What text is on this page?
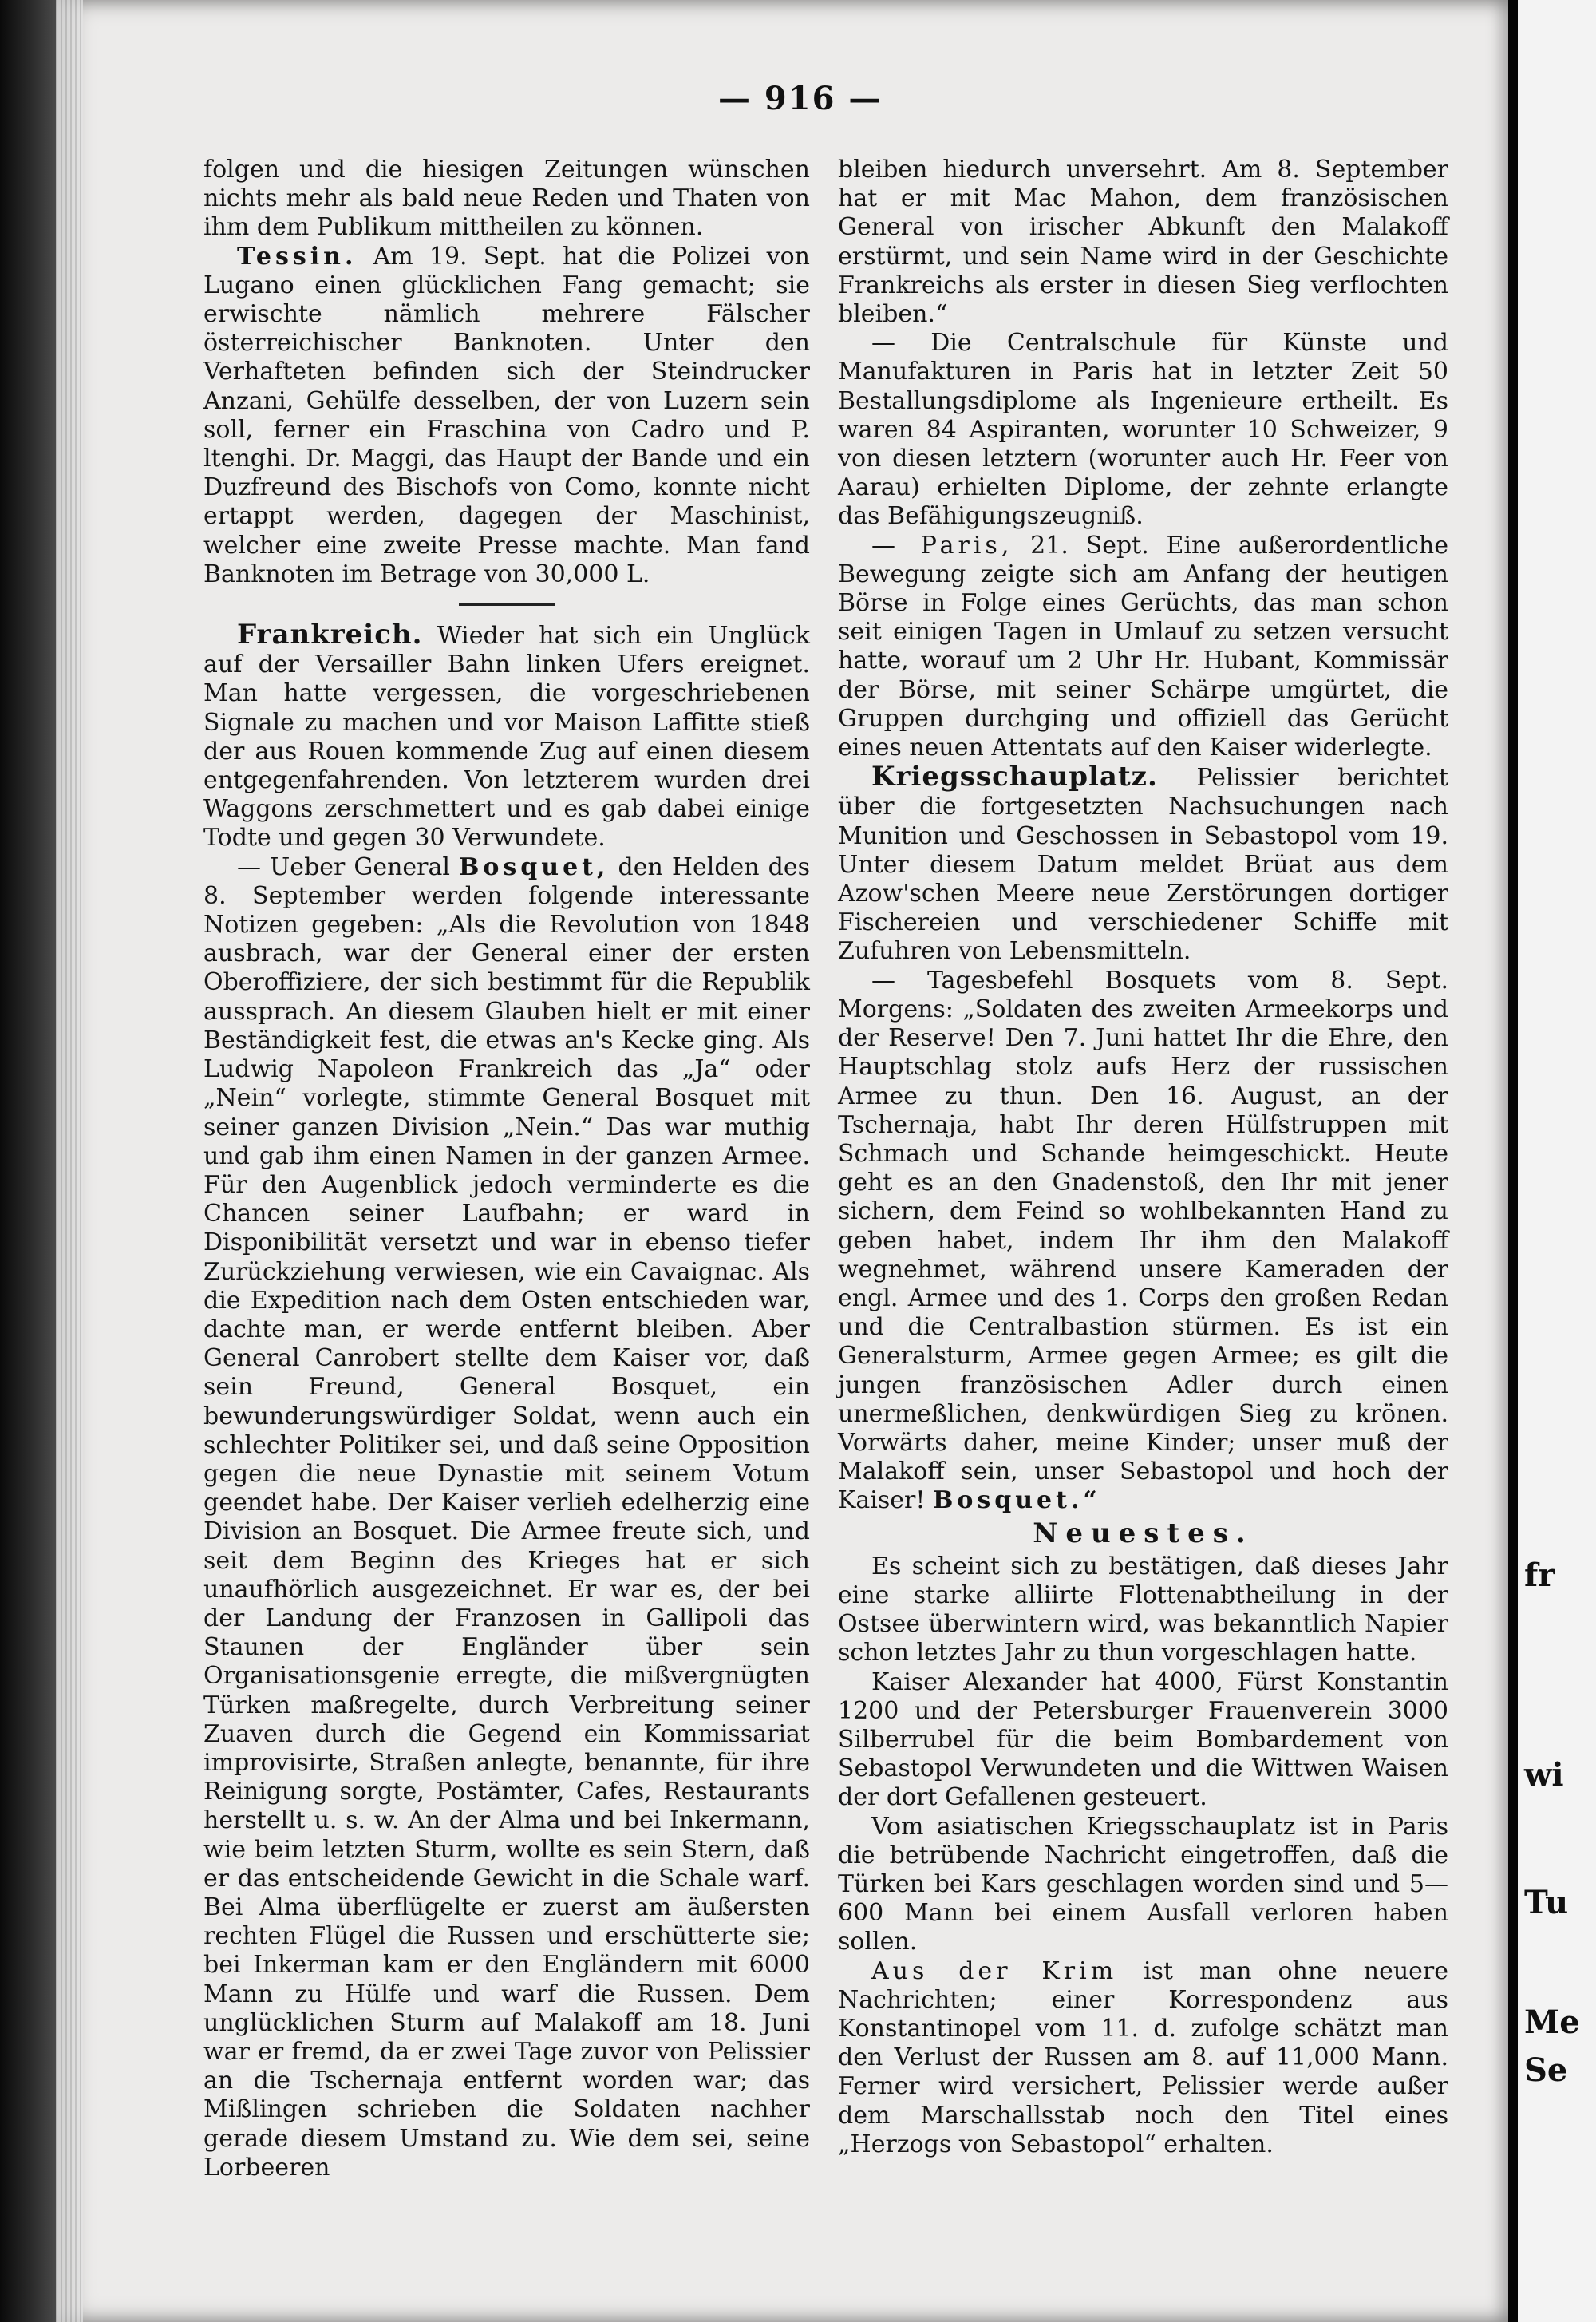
— 916 —

folgen und die hiesigen Zeitungen wünschen nichts mehr als bald neue Reden und Thaten von ihm dem Publikum mittheilen zu können.

Tessin. Am 19. Sept. hat die Polizei von Lugano einen glücklichen Fang gemacht; sie erwischte nämlich mehrere Fälscher österreichischer Banknoten. Unter den Verhafteten befinden sich der Steindrucker Anzani, Gehülfe desselben, der von Luzern sein soll, ferner ein Fraschina von Cadro und P. ltenghi. Dr. Maggi, das Haupt der Bande und ein Duzfreund des Bischofs von Como, konnte nicht ertappt werden, dagegen der Maschinist, welcher eine zweite Presse machte. Man fand Banknoten im Betrage von 30,000 L.

Frankreich. Wieder hat sich ein Unglück auf der Versailler Bahn linken Ufers ereignet. Man hatte vergessen, die vorgeschriebenen Signale zu machen und vor Maison Laffitte stieß der aus Rouen kommende Zug auf einen diesem entgegenfahrenden. Von letzterem wurden drei Waggons zerschmettert und es gab dabei einige Todte und gegen 30 Verwundete.

— Ueber General Bosquet, den Helden des 8. September werden folgende interessante Notizen gegeben: „Als die Revolution von 1848 ausbrach, war der General einer der ersten Oberoffiziere, der sich bestimmt für die Republik aussprach. An diesem Glauben hielt er mit einer Beständigkeit fest, die etwas an's Kecke ging. Als Ludwig Napoleon Frankreich das „Ja“ oder „Nein“ vorlegte, stimmte General Bosquet mit seiner ganzen Division „Nein.“ Das war muthig und gab ihm einen Namen in der ganzen Armee. Für den Augenblick jedoch verminderte es die Chancen seiner Laufbahn; er ward in Disponibilität versetzt und war in ebenso tiefer Zurückziehung verwiesen, wie ein Cavaignac. Als die Expedition nach dem Osten entschieden war, dachte man, er werde entfernt bleiben. Aber General Canrobert stellte dem Kaiser vor, daß sein Freund, General Bosquet, ein bewunderungswürdiger Soldat, wenn auch ein schlechter Politiker sei, und daß seine Opposition gegen die neue Dynastie mit seinem Votum geendet habe. Der Kaiser verlieh edelherzig eine Division an Bosquet. Die Armee freute sich, und seit dem Beginn des Krieges hat er sich unaufhörlich ausgezeichnet. Er war es, der bei der Landung der Franzosen in Gallipoli das Staunen der Engländer über sein Organisationsgenie erregte, die mißvergnügten Türken maßregelte, durch Verbreitung seiner Zuaven durch die Gegend ein Kommissariat improvisirte, Straßen anlegte, benannte, für ihre Reinigung sorgte, Postämter, Cafes, Restaurants herstellt u. s. w. An der Alma und bei Inkermann, wie beim letzten Sturm, wollte es sein Stern, daß er das entscheidende Gewicht in die Schale warf. Bei Alma überflügelte er zuerst am äußersten rechten Flügel die Russen und erschütterte sie; bei Inkerman kam er den Engländern mit 6000 Mann zu Hülfe und warf die Russen. Dem unglücklichen Sturm auf Malakoff am 18. Juni war er fremd, da er zwei Tage zuvor von Pelissier an die Tschernaja entfernt worden war; das Mißlingen schrieben die Soldaten nachher gerade diesem Umstand zu. Wie dem sei, seine Lorbeeren

bleiben hiedurch unversehrt. Am 8. September hat er mit Mac Mahon, dem französischen General von irischer Abkunft den Malakoff erstürmt, und sein Name wird in der Geschichte Frankreichs als erster in diesen Sieg verflochten bleiben.“

— Die Centralschule für Künste und Manufakturen in Paris hat in letzter Zeit 50 Bestallungsdiplome als Ingenieure ertheilt. Es waren 84 Aspiranten, worunter 10 Schweizer, 9 von diesen letztern (worunter auch Hr. Feer von Aarau) erhielten Diplome, der zehnte erlangte das Befähigungszeugniß.

— Paris, 21. Sept. Eine außerordentliche Bewegung zeigte sich am Anfang der heutigen Börse in Folge eines Gerüchts, das man schon seit einigen Tagen in Umlauf zu setzen versucht hatte, worauf um 2 Uhr Hr. Hubant, Kommissär der Börse, mit seiner Schärpe umgürtet, die Gruppen durchging und offiziell das Gerücht eines neuen Attentats auf den Kaiser widerlegte.

Kriegsschauplatz. Pelissier berichtet über die fortgesetzten Nachsuchungen nach Munition und Geschossen in Sebastopol vom 19. Unter diesem Datum meldet Brüat aus dem Azow'schen Meere neue Zerstörungen dortiger Fischereien und verschiedener Schiffe mit Zufuhren von Lebensmitteln.

— Tagesbefehl Bosquets vom 8. Sept. Morgens: „Soldaten des zweiten Armeekorps und der Reserve! Den 7. Juni hattet Ihr die Ehre, den Hauptschlag stolz aufs Herz der russischen Armee zu thun. Den 16. August, an der Tschernaja, habt Ihr deren Hülfstruppen mit Schmach und Schande heimgeschickt. Heute geht es an den Gnadenstoß, den Ihr mit jener sichern, dem Feind so wohlbekannten Hand zu geben habet, indem Ihr ihm den Malakoff wegnehmet, während unsere Kameraden der engl. Armee und des 1. Corps den großen Redan und die Centralbastion stürmen. Es ist ein Generalsturm, Armee gegen Armee; es gilt die jungen französischen Adler durch einen unermeßlichen, denkwürdigen Sieg zu krönen. Vorwärts daher, meine Kinder; unser muß der Malakoff sein, unser Sebastopol und hoch der Kaiser! Bosquet.“

Neuestes.

Es scheint sich zu bestätigen, daß dieses Jahr eine starke alliirte Flottenabtheilung in der Ostsee überwintern wird, was bekanntlich Napier schon letztes Jahr zu thun vorgeschlagen hatte.

Kaiser Alexander hat 4000, Fürst Konstantin 1200 und der Petersburger Frauenverein 3000 Silberrubel für die beim Bombardement von Sebastopol Verwundeten und die Wittwen Waisen der dort Gefallenen gesteuert.

Vom asiatischen Kriegsschauplatz ist in Paris die betrübende Nachricht eingetroffen, daß die Türken bei Kars geschlagen worden sind und 5—600 Mann bei einem Ausfall verloren haben sollen.

Aus der Krim ist man ohne neuere Nachrichten; einer Korrespondenz aus Konstantinopel vom 11. d. zufolge schätzt man den Verlust der Russen am 8. auf 11,000 Mann. Ferner wird versichert, Pelissier werde außer dem Marschallsstab noch den Titel eines „Herzogs von Sebastopol“ erhalten.

fr
wi
Tu
Me
Se
